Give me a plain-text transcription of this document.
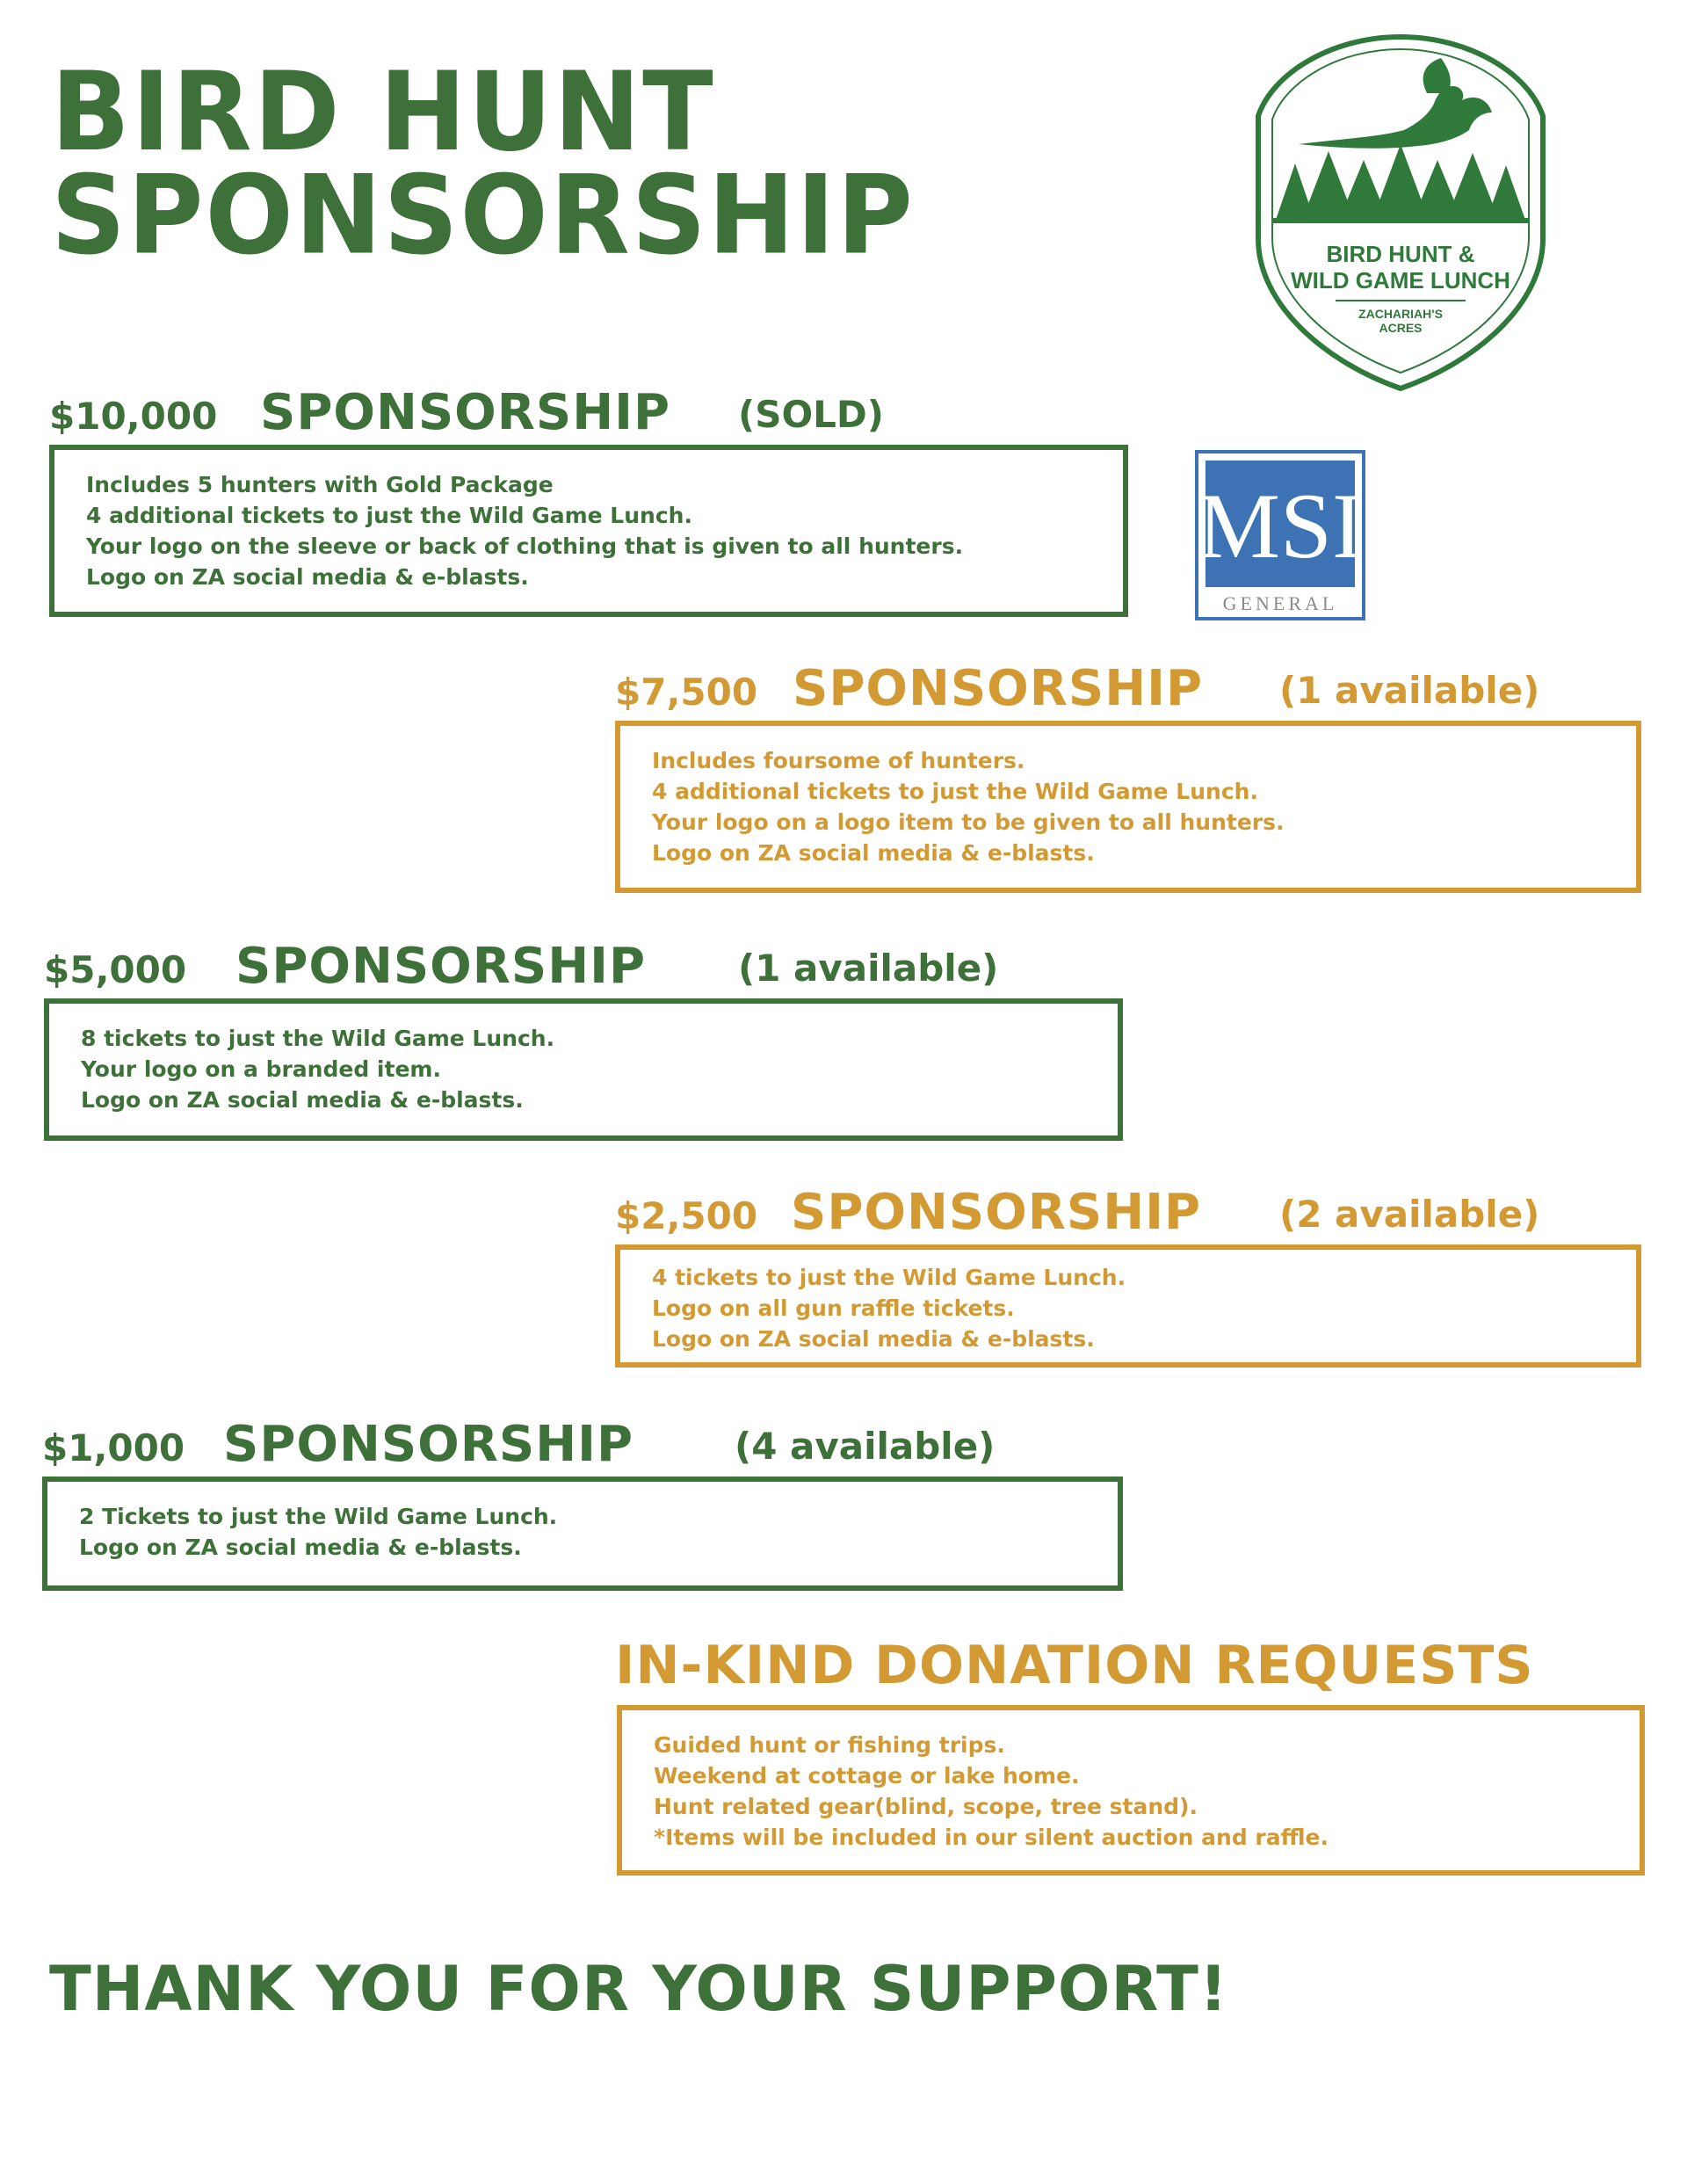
BIRD HUNT
SPONSORSHIP	BIRD HUNT &
WILD GAME LUNCH
ZACHARIAH'S
ACRES
MSI
GENERAL
$10,000 SPONSORSHIP (SOLD)
Includes 5 hunters with Gold Package
4 additional tickets to just the Wild Game Lunch.
Your logo on the sleeve or back of clothing that is given to all hunters.
Logo on ZA social media & e-blasts.
$7,500 SPONSORSHIP (1 available)
Includes foursome of hunters.
4 additional tickets to just the Wild Game Lunch.
Your logo on a logo item to be given to all hunters.
Logo on ZA social media & e-blasts.
$5,000 SPONSORSHIP	(1 available)
8 tickets to just the Wild Game Lunch.
Your logo on a branded item.
Logo on ZA social media & e-blasts.
$2,500 SPONSORSHIP (2 available)
4 tickets to just the Wild Game Lunch.
Logo on all gun raffle tickets.
Logo on ZA social media & e-blasts.
$1,000 SPONSORSHIP	(4 available)
2 Tickets to just the Wild Game Lunch.
Logo on ZA social media & e-blasts.
IN-KIND DONATION REQUESTS
Guided hunt or fishing trips.
Weekend at cottage or lake home.
Hunt related gear(blind, scope, tree stand).
*Items will be included in our silent auction and raffle.
THANK YOU FOR YOUR SUPPORT!
